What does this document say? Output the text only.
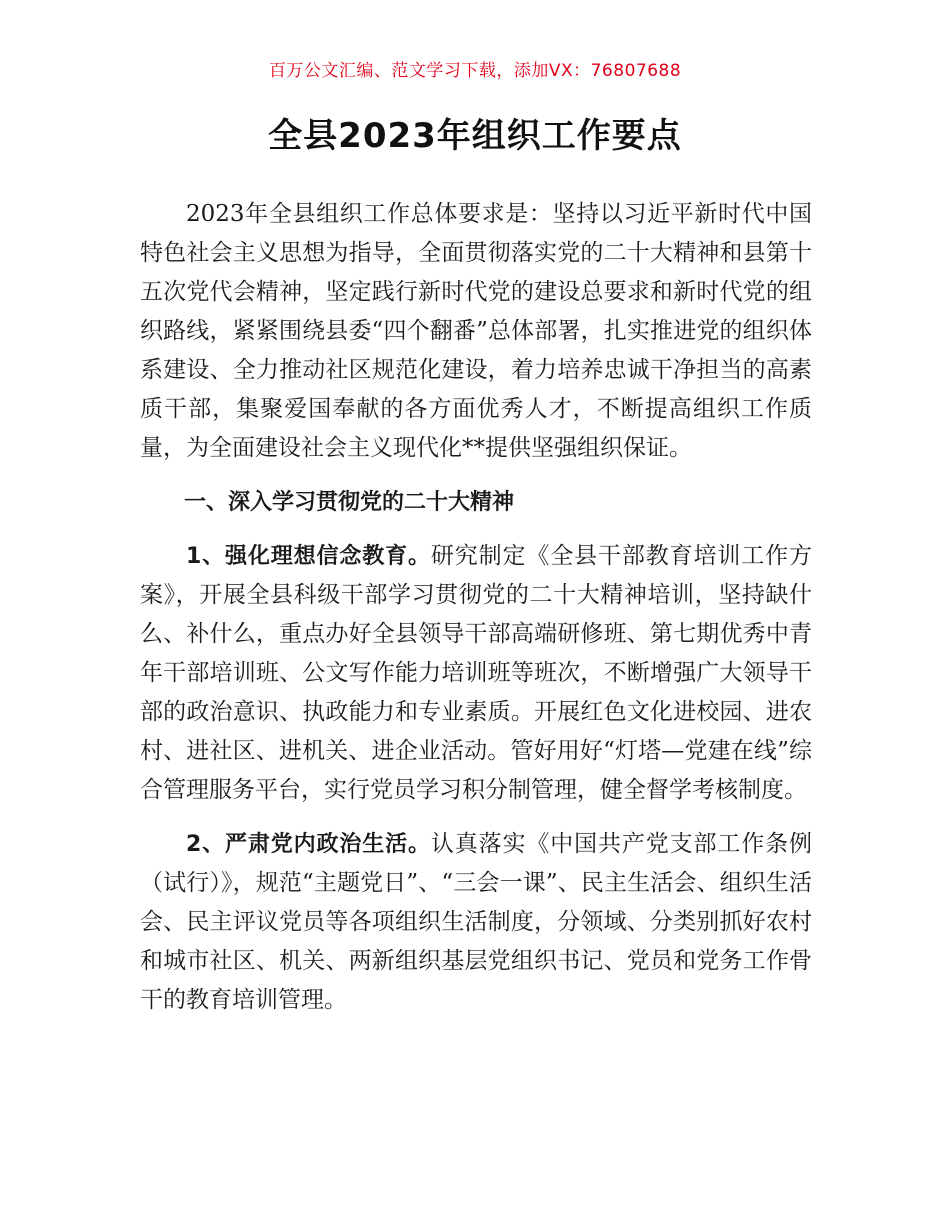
百万公文汇编、范文学习下载，添加VX：76807688
全县2023年组织工作要点

2023年全县组织工作总体要求是：坚持以习近平新时代中国特色社会主义思想为指导，全面贯彻落实党的二十大精神和县第十五次党代会精神，坚定践行新时代党的建设总要求和新时代党的组织路线，紧紧围绕县委“四个翻番”总体部署，扎实推进党的组织体系建设、全力推动社区规范化建设，着力培养忠诚干净担当的高素质干部，集聚爱国奉献的各方面优秀人才，不断提高组织工作质量，为全面建设社会主义现代化**提供坚强组织保证。

一、深入学习贯彻党的二十大精神

1、强化理想信念教育。研究制定《全县干部教育培训工作方案》，开展全县科级干部学习贯彻党的二十大精神培训，坚持缺什么、补什么，重点办好全县领导干部高端研修班、第七期优秀中青年干部培训班、公文写作能力培训班等班次，不断增强广大领导干部的政治意识、执政能力和专业素质。开展红色文化进校园、进农村、进社区、进机关、进企业活动。管好用好“灯塔—党建在线”综合管理服务平台，实行党员学习积分制管理，健全督学考核制度。

2、严肃党内政治生活。认真落实《中国共产党支部工作条例（试行）》，规范“主题党日”、“三会一课”、民主生活会、组织生活会、民主评议党员等各项组织生活制度，分领域、分类别抓好农村和城市社区、机关、两新组织基层党组织书记、党员和党务工作骨干的教育培训管理。
